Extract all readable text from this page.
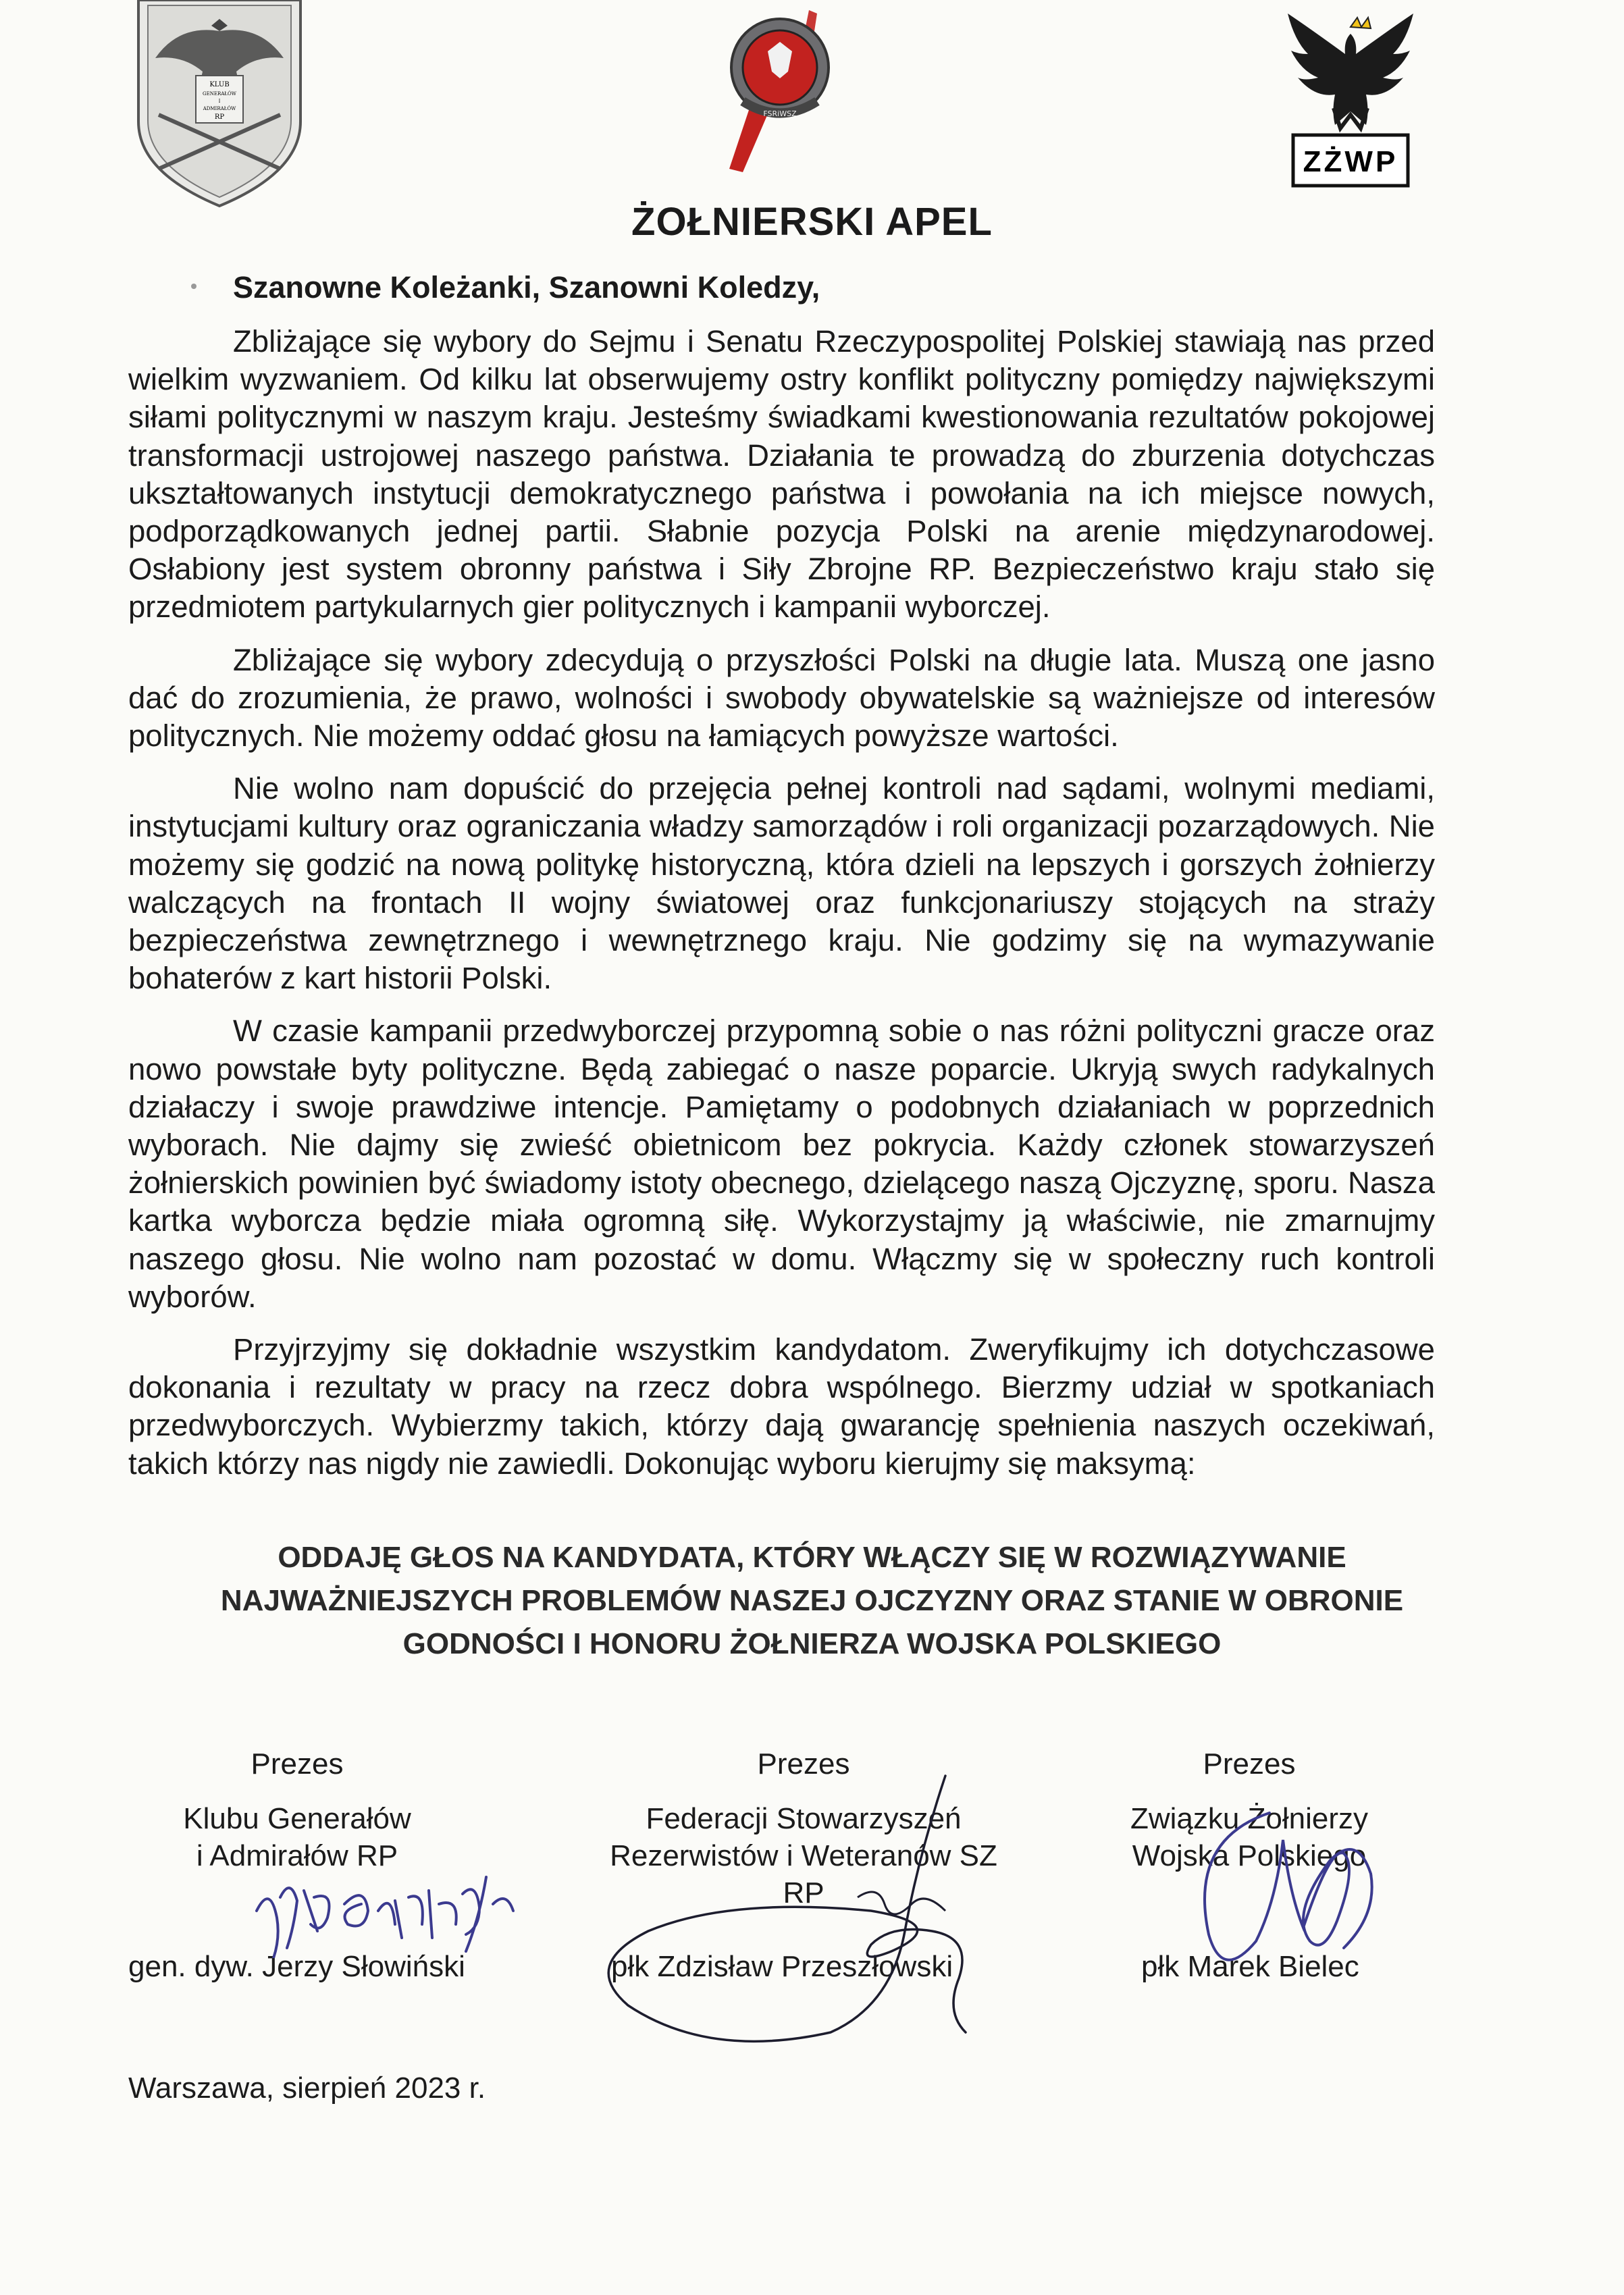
KLUB
GENERAŁÓW
I
ADMIRAŁÓW
RP	FSRiWSZ
ZŻWP
ŻOŁNIERSKI APEL
Szanowne Koleżanki, Szanowni Koledzy,

Zbliżające się wybory do Sejmu i Senatu Rzeczypospolitej Polskiej stawiają nas przed wielkim wyzwaniem. Od kilku lat obserwujemy ostry konflikt polityczny pomiędzy największymi siłami politycznymi w naszym kraju. Jesteśmy świadkami kwestionowania rezultatów pokojowej transformacji ustrojowej naszego państwa. Działania te prowadzą do zburzenia dotychczas ukształtowanych instytucji demokratycznego państwa i powołania na ich miejsce nowych, podporządkowanych jednej partii. Słabnie pozycja Polski na arenie międzynarodowej. Osłabiony jest system obronny państwa i Siły Zbrojne RP. Bezpieczeństwo kraju stało się przedmiotem partykularnych gier politycznych i kampanii wyborczej.

Zbliżające się wybory zdecydują o przyszłości Polski na długie lata. Muszą one jasno dać do zrozumienia, że prawo, wolności i swobody obywatelskie są ważniejsze od interesów politycznych. Nie możemy oddać głosu na łamiących powyższe wartości.

Nie wolno nam dopuścić do przejęcia pełnej kontroli nad sądami, wolnymi mediami, instytucjami kultury oraz ograniczania władzy samorządów i roli organizacji pozarządowych. Nie możemy się godzić na nową politykę historyczną, która dzieli na lepszych i gorszych żołnierzy walczących na frontach II wojny światowej oraz funkcjonariuszy stojących na straży bezpieczeństwa zewnętrznego i wewnętrznego kraju. Nie godzimy się na wymazywanie bohaterów z kart historii Polski.

W czasie kampanii przedwyborczej przypomną sobie o nas różni polityczni gracze oraz nowo powstałe byty polityczne. Będą zabiegać o nasze poparcie. Ukryją swych radykalnych działaczy i swoje prawdziwe intencje. Pamiętamy o podobnych działaniach w poprzednich wyborach. Nie dajmy się zwieść obietnicom bez pokrycia. Każdy członek stowarzyszeń żołnierskich powinien być świadomy istoty obecnego, dzielącego naszą Ojczyznę, sporu. Nasza kartka wyborcza będzie miała ogromną siłę. Wykorzystajmy ją właściwie, nie zmarnujmy naszego głosu. Nie wolno nam pozostać w domu. Włączmy się w społeczny ruch kontroli wyborów.

Przyjrzyjmy się dokładnie wszystkim kandydatom. Zweryfikujmy ich dotychczasowe dokonania i rezultaty w pracy na rzecz dobra wspólnego. Bierzmy udział w spotkaniach przedwyborczych. Wybierzmy takich, którzy dają gwarancję spełnienia naszych oczekiwań, takich którzy nas nigdy nie zawiedli. Dokonując wyboru kierujmy się maksymą:

ODDAJĘ GŁOS NA KANDYDATA, KTÓRY WŁĄCZY SIĘ W ROZWIĄZYWANIE
NAJWAŻNIEJSZYCH PROBLEMÓW NASZEJ OJCZYZNY ORAZ STANIE W OBRONIE
GODNOŚCI I HONORU ŻOŁNIERZA WOJSKA POLSKIEGO
Prezes
Klubu Generałów
i Admirałów RP
gen. dyw. Jerzy Słowiński
Prezes
Federacji Stowarzyszeń
Rezerwistów i Weteranów SZ RP
płk Zdzisław Przeszłowski
Prezes
Związku Żołnierzy
Wojska Polskiego
płk Marek Bielec
Warszawa, sierpień 2023 r.
